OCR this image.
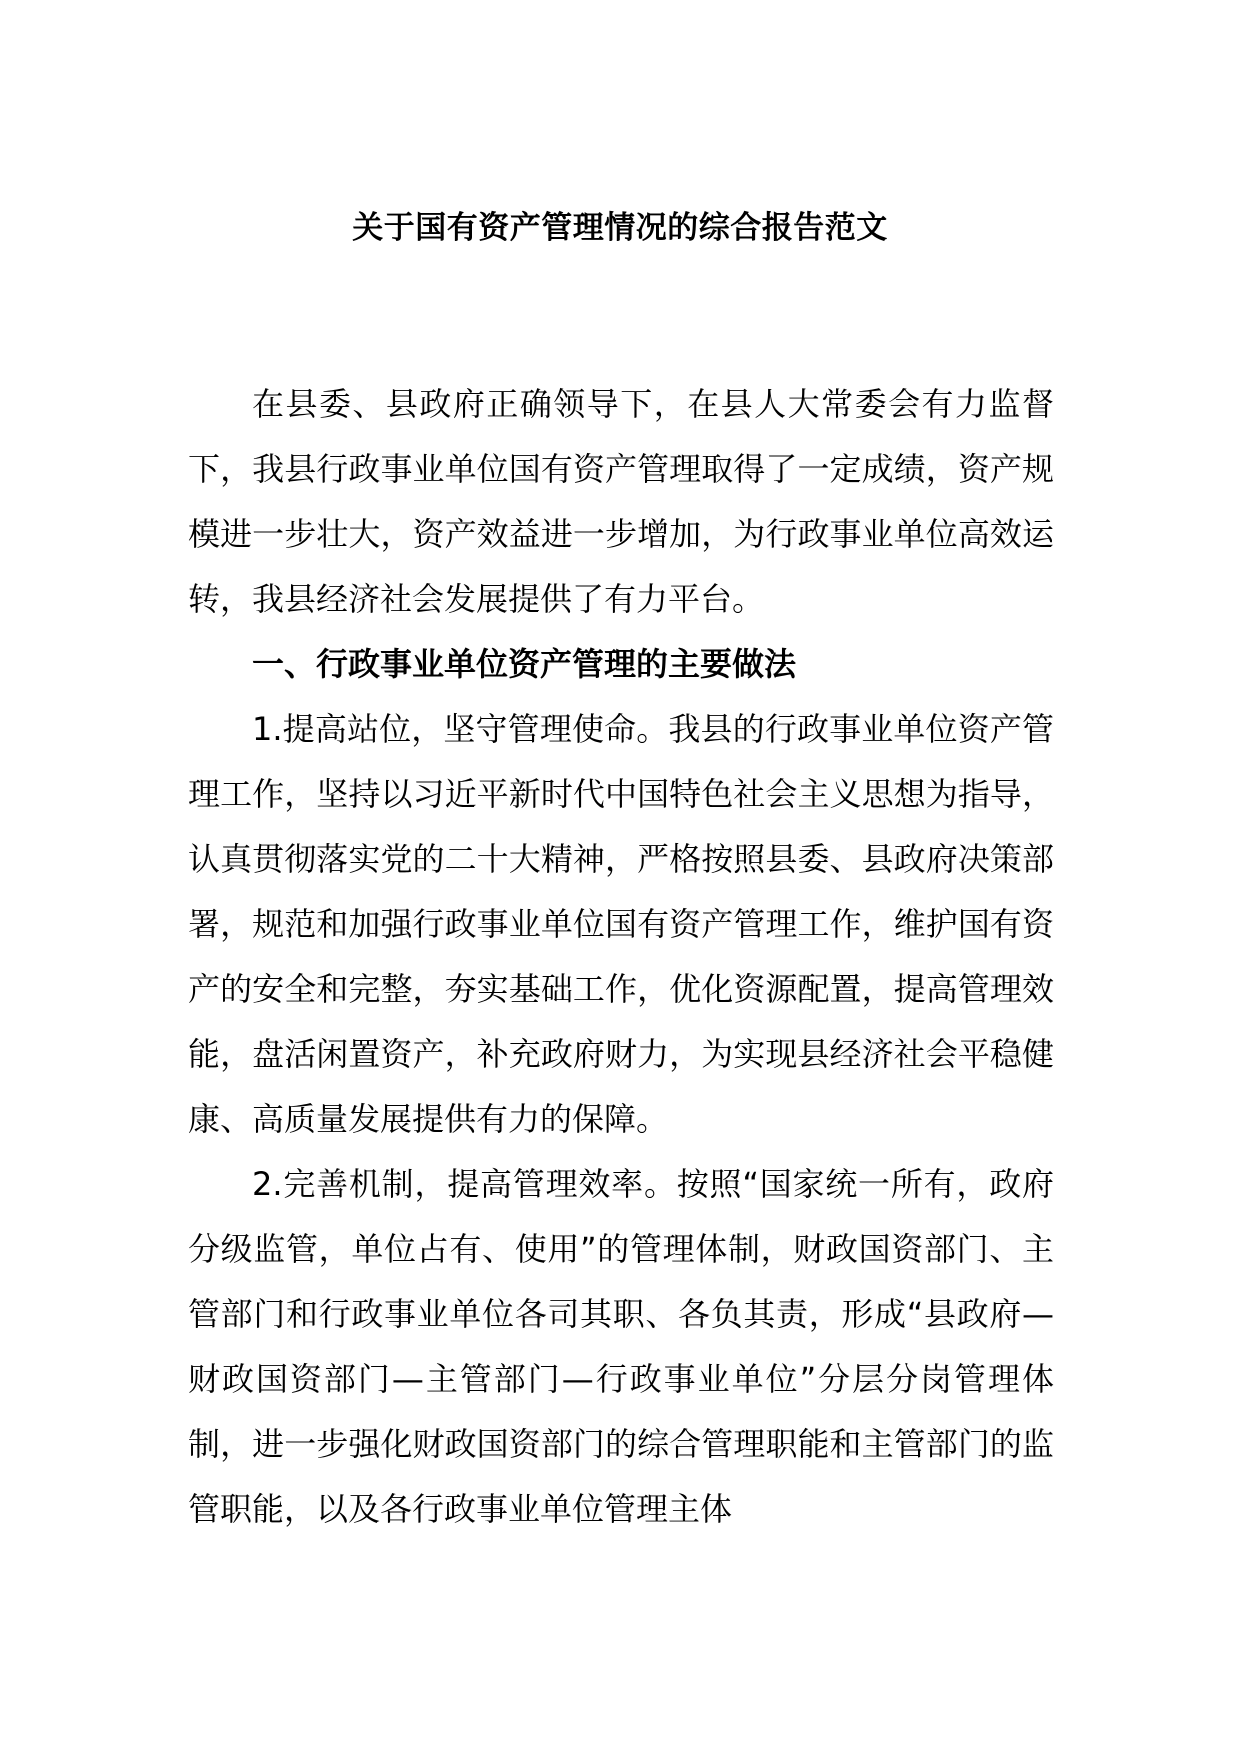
关于国有资产管理情况的综合报告范文

在县委、县政府正确领导下，在县人大常委会有力监督下，我县行政事业单位国有资产管理取得了一定成绩，资产规模进一步壮大，资产效益进一步增加，为行政事业单位高效运转，我县经济社会发展提供了有力平台。

一、行政事业单位资产管理的主要做法

1.提高站位，坚守管理使命。我县的行政事业单位资产管理工作，坚持以习近平新时代中国特色社会主义思想为指导，认真贯彻落实党的二十大精神，严格按照县委、县政府决策部署，规范和加强行政事业单位国有资产管理工作，维护国有资产的安全和完整，夯实基础工作，优化资源配置，提高管理效能，盘活闲置资产，补充政府财力，为实现县经济社会平稳健康、高质量发展提供有力的保障。

2.完善机制，提高管理效率。按照“国家统一所有，政府分级监管，单位占有、使用”的管理体制，财政国资部门、主管部门和行政事业单位各司其职、各负其责，形成“县政府—财政国资部门—主管部门—行政事业单位”分层分岗管理体制，进一步强化财政国资部门的综合管理职能和主管部门的监管职能，以及各行政事业单位管理主体
